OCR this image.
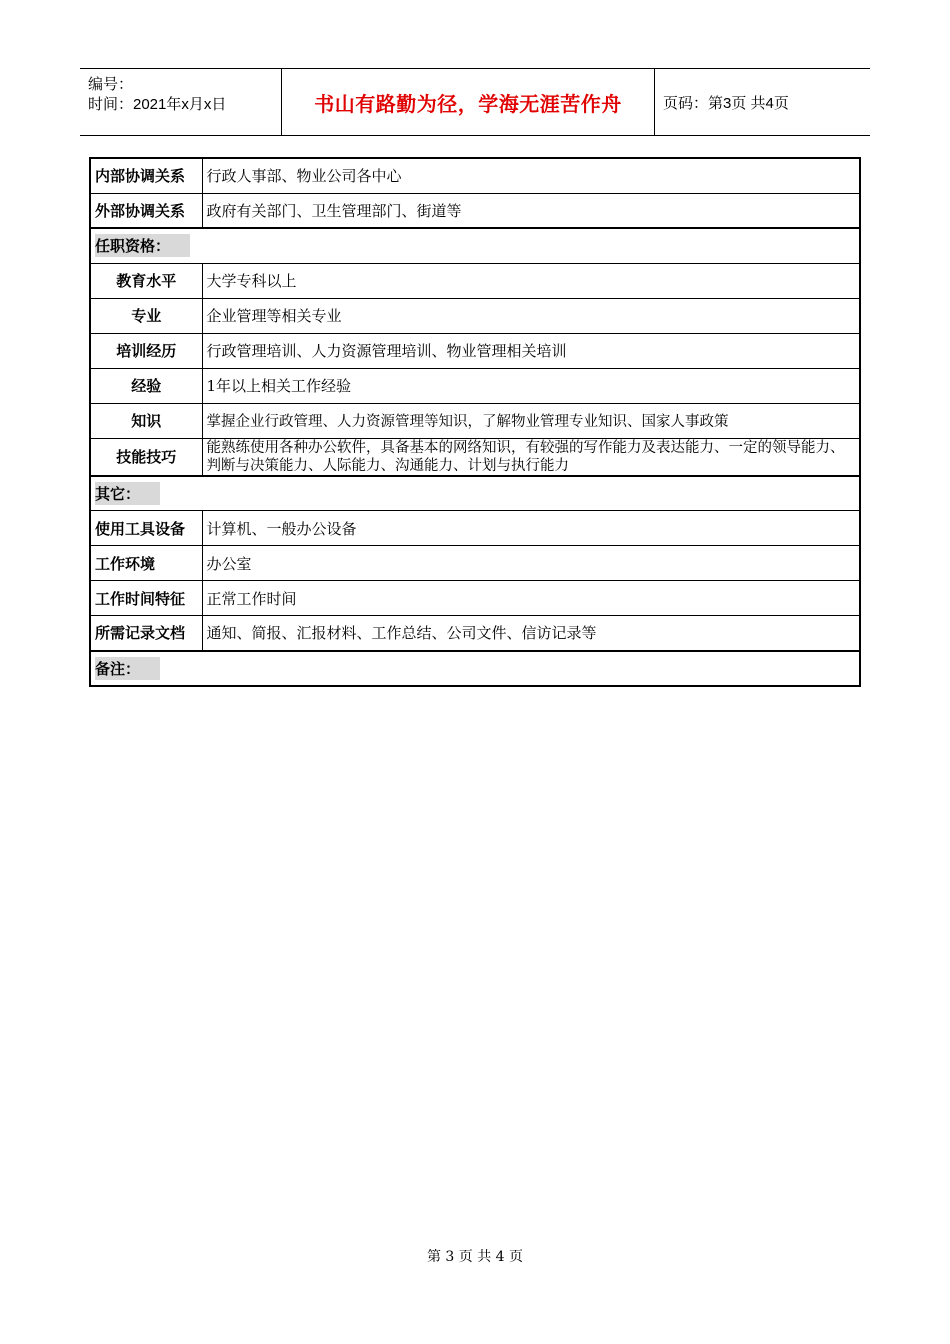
编号：
时间：2021年x月x日	书山有路勤为径，学海无涯苦作舟	页码：第3页 共4页
内部协调关系	行政人事部、物业公司各中心
外部协调关系	政府有关部门、卫生管理部门、街道等
任职资格：	
教育水平	大学专科以上
专业	企业管理等相关专业
培训经历	行政管理培训、人力资源管理培训、物业管理相关培训
经验	1年以上相关工作经验
知识	掌握企业行政管理、人力资源管理等知识，了解物业管理专业知识、国家人事政策
技能技巧	能熟练使用各种办公软件，具备基本的网络知识，有较强的写作能力及表达能力、一定的领导能力、判断与决策能力、人际能力、沟通能力、计划与执行能力
其它：	
使用工具设备	计算机、一般办公设备
工作环境	办公室
工作时间特征	正常工作时间
所需记录文档	通知、简报、汇报材料、工作总结、公司文件、信访记录等
备注：	
第 3 页 共 4 页
